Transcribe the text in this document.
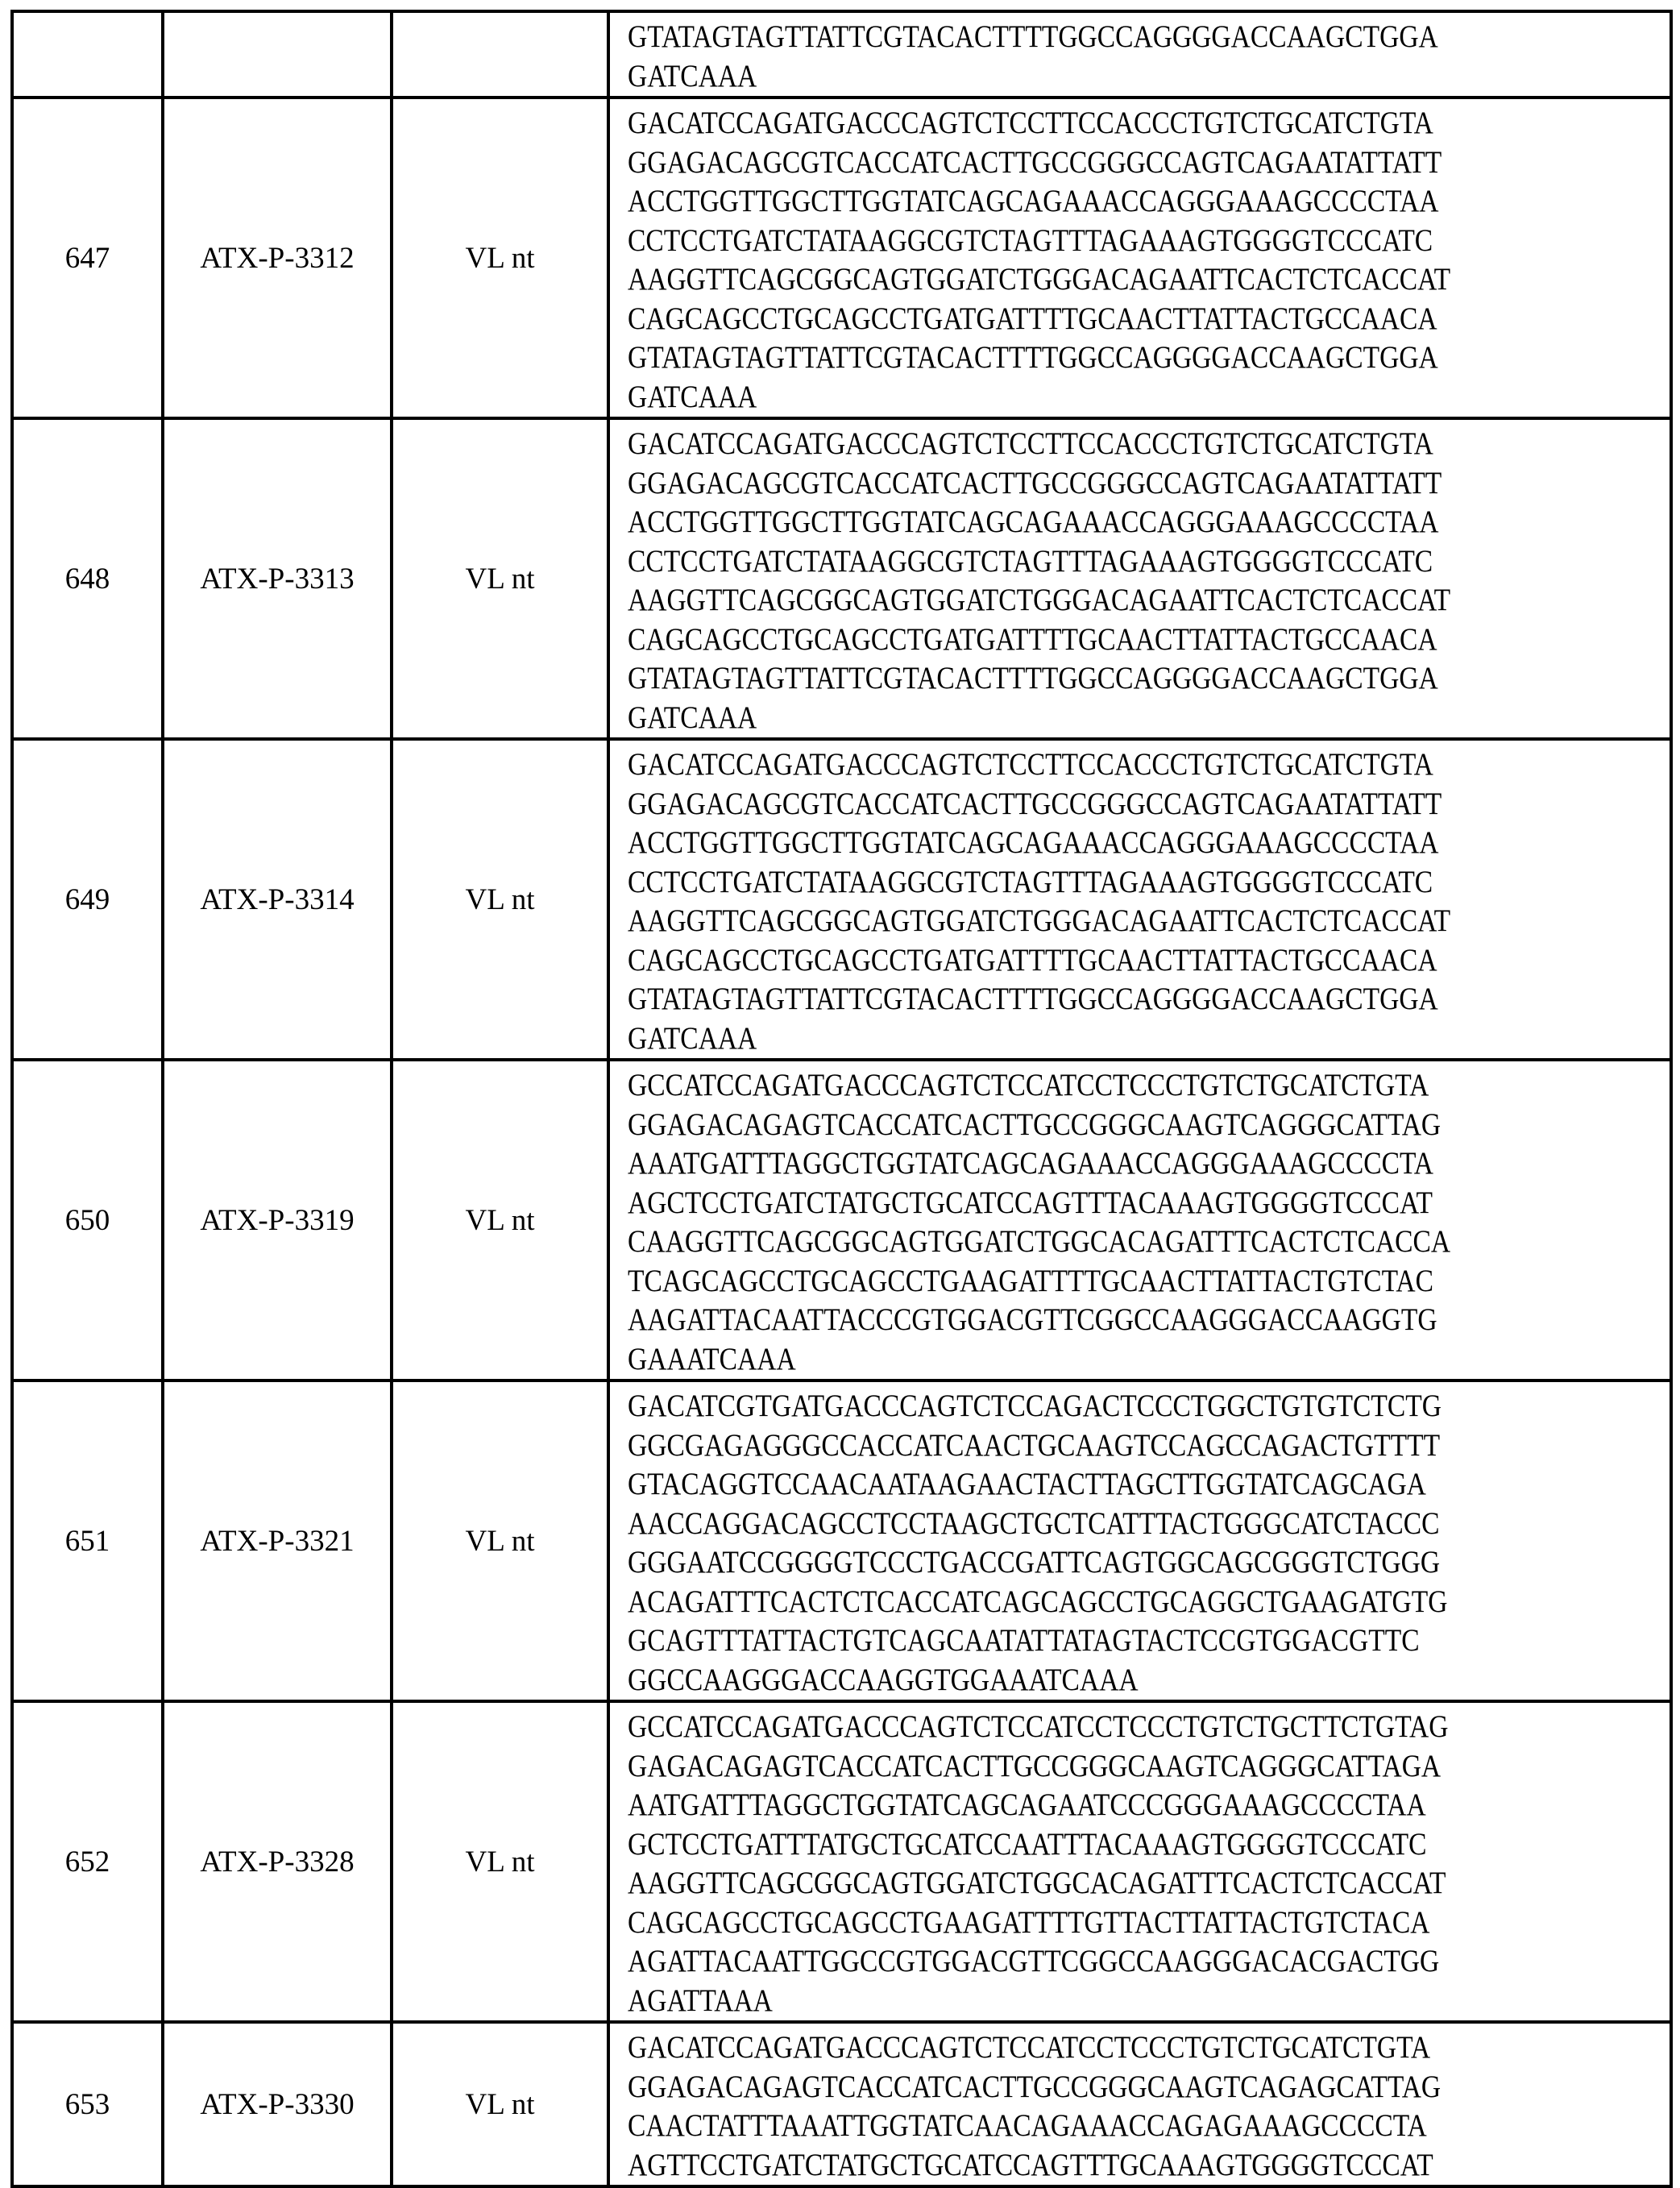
GTATAGTAGTTATTCGTACACTTTTGGCCAGGGGACCAAGCTGGA
GATCAAA

647	ATX-P-3312	VL nt	
GACATCCAGATGACCCAGTCTCCTTCCACCCTGTCTGCATCTGTA
GGAGACAGCGTCACCATCACTTGCCGGGCCAGTCAGAATATTATT
ACCTGGTTGGCTTGGTATCAGCAGAAACCAGGGAAAGCCCCTAA
CCTCCTGATCTATAAGGCGTCTAGTTTAGAAAGTGGGGTCCCATC
AAGGTTCAGCGGCAGTGGATCTGGGACAGAATTCACTCTCACCAT
CAGCAGCCTGCAGCCTGATGATTTTGCAACTTATTACTGCCAACA
GTATAGTAGTTATTCGTACACTTTTGGCCAGGGGACCAAGCTGGA
GATCAAA

648	ATX-P-3313	VL nt	
GACATCCAGATGACCCAGTCTCCTTCCACCCTGTCTGCATCTGTA
GGAGACAGCGTCACCATCACTTGCCGGGCCAGTCAGAATATTATT
ACCTGGTTGGCTTGGTATCAGCAGAAACCAGGGAAAGCCCCTAA
CCTCCTGATCTATAAGGCGTCTAGTTTAGAAAGTGGGGTCCCATC
AAGGTTCAGCGGCAGTGGATCTGGGACAGAATTCACTCTCACCAT
CAGCAGCCTGCAGCCTGATGATTTTGCAACTTATTACTGCCAACA
GTATAGTAGTTATTCGTACACTTTTGGCCAGGGGACCAAGCTGGA
GATCAAA

649	ATX-P-3314	VL nt	
GACATCCAGATGACCCAGTCTCCTTCCACCCTGTCTGCATCTGTA
GGAGACAGCGTCACCATCACTTGCCGGGCCAGTCAGAATATTATT
ACCTGGTTGGCTTGGTATCAGCAGAAACCAGGGAAAGCCCCTAA
CCTCCTGATCTATAAGGCGTCTAGTTTAGAAAGTGGGGTCCCATC
AAGGTTCAGCGGCAGTGGATCTGGGACAGAATTCACTCTCACCAT
CAGCAGCCTGCAGCCTGATGATTTTGCAACTTATTACTGCCAACA
GTATAGTAGTTATTCGTACACTTTTGGCCAGGGGACCAAGCTGGA
GATCAAA

650	ATX-P-3319	VL nt	
GCCATCCAGATGACCCAGTCTCCATCCTCCCTGTCTGCATCTGTA
GGAGACAGAGTCACCATCACTTGCCGGGCAAGTCAGGGCATTAG
AAATGATTTAGGCTGGTATCAGCAGAAACCAGGGAAAGCCCCTA
AGCTCCTGATCTATGCTGCATCCAGTTTACAAAGTGGGGTCCCAT
CAAGGTTCAGCGGCAGTGGATCTGGCACAGATTTCACTCTCACCA
TCAGCAGCCTGCAGCCTGAAGATTTTGCAACTTATTACTGTCTAC
AAGATTACAATTACCCGTGGACGTTCGGCCAAGGGACCAAGGTG
GAAATCAAA

651	ATX-P-3321	VL nt	
GACATCGTGATGACCCAGTCTCCAGACTCCCTGGCTGTGTCTCTG
GGCGAGAGGGCCACCATCAACTGCAAGTCCAGCCAGACTGTTTT
GTACAGGTCCAACAATAAGAACTACTTAGCTTGGTATCAGCAGA
AACCAGGACAGCCTCCTAAGCTGCTCATTTACTGGGCATCTACCC
GGGAATCCGGGGTCCCTGACCGATTCAGTGGCAGCGGGTCTGGG
ACAGATTTCACTCTCACCATCAGCAGCCTGCAGGCTGAAGATGTG
GCAGTTTATTACTGTCAGCAATATTATAGTACTCCGTGGACGTTC
GGCCAAGGGACCAAGGTGGAAATCAAA

652	ATX-P-3328	VL nt	
GCCATCCAGATGACCCAGTCTCCATCCTCCCTGTCTGCTTCTGTAG
GAGACAGAGTCACCATCACTTGCCGGGCAAGTCAGGGCATTAGA
AATGATTTAGGCTGGTATCAGCAGAATCCCGGGAAAGCCCCTAA
GCTCCTGATTTATGCTGCATCCAATTTACAAAGTGGGGTCCCATC
AAGGTTCAGCGGCAGTGGATCTGGCACAGATTTCACTCTCACCAT
CAGCAGCCTGCAGCCTGAAGATTTTGTTACTTATTACTGTCTACA
AGATTACAATTGGCCGTGGACGTTCGGCCAAGGGACACGACTGG
AGATTAAA

653	ATX-P-3330	VL nt	
GACATCCAGATGACCCAGTCTCCATCCTCCCTGTCTGCATCTGTA
GGAGACAGAGTCACCATCACTTGCCGGGCAAGTCAGAGCATTAG
CAACTATTTAAATTGGTATCAACAGAAACCAGAGAAAGCCCCTA
AGTTCCTGATCTATGCTGCATCCAGTTTGCAAAGTGGGGTCCCAT
